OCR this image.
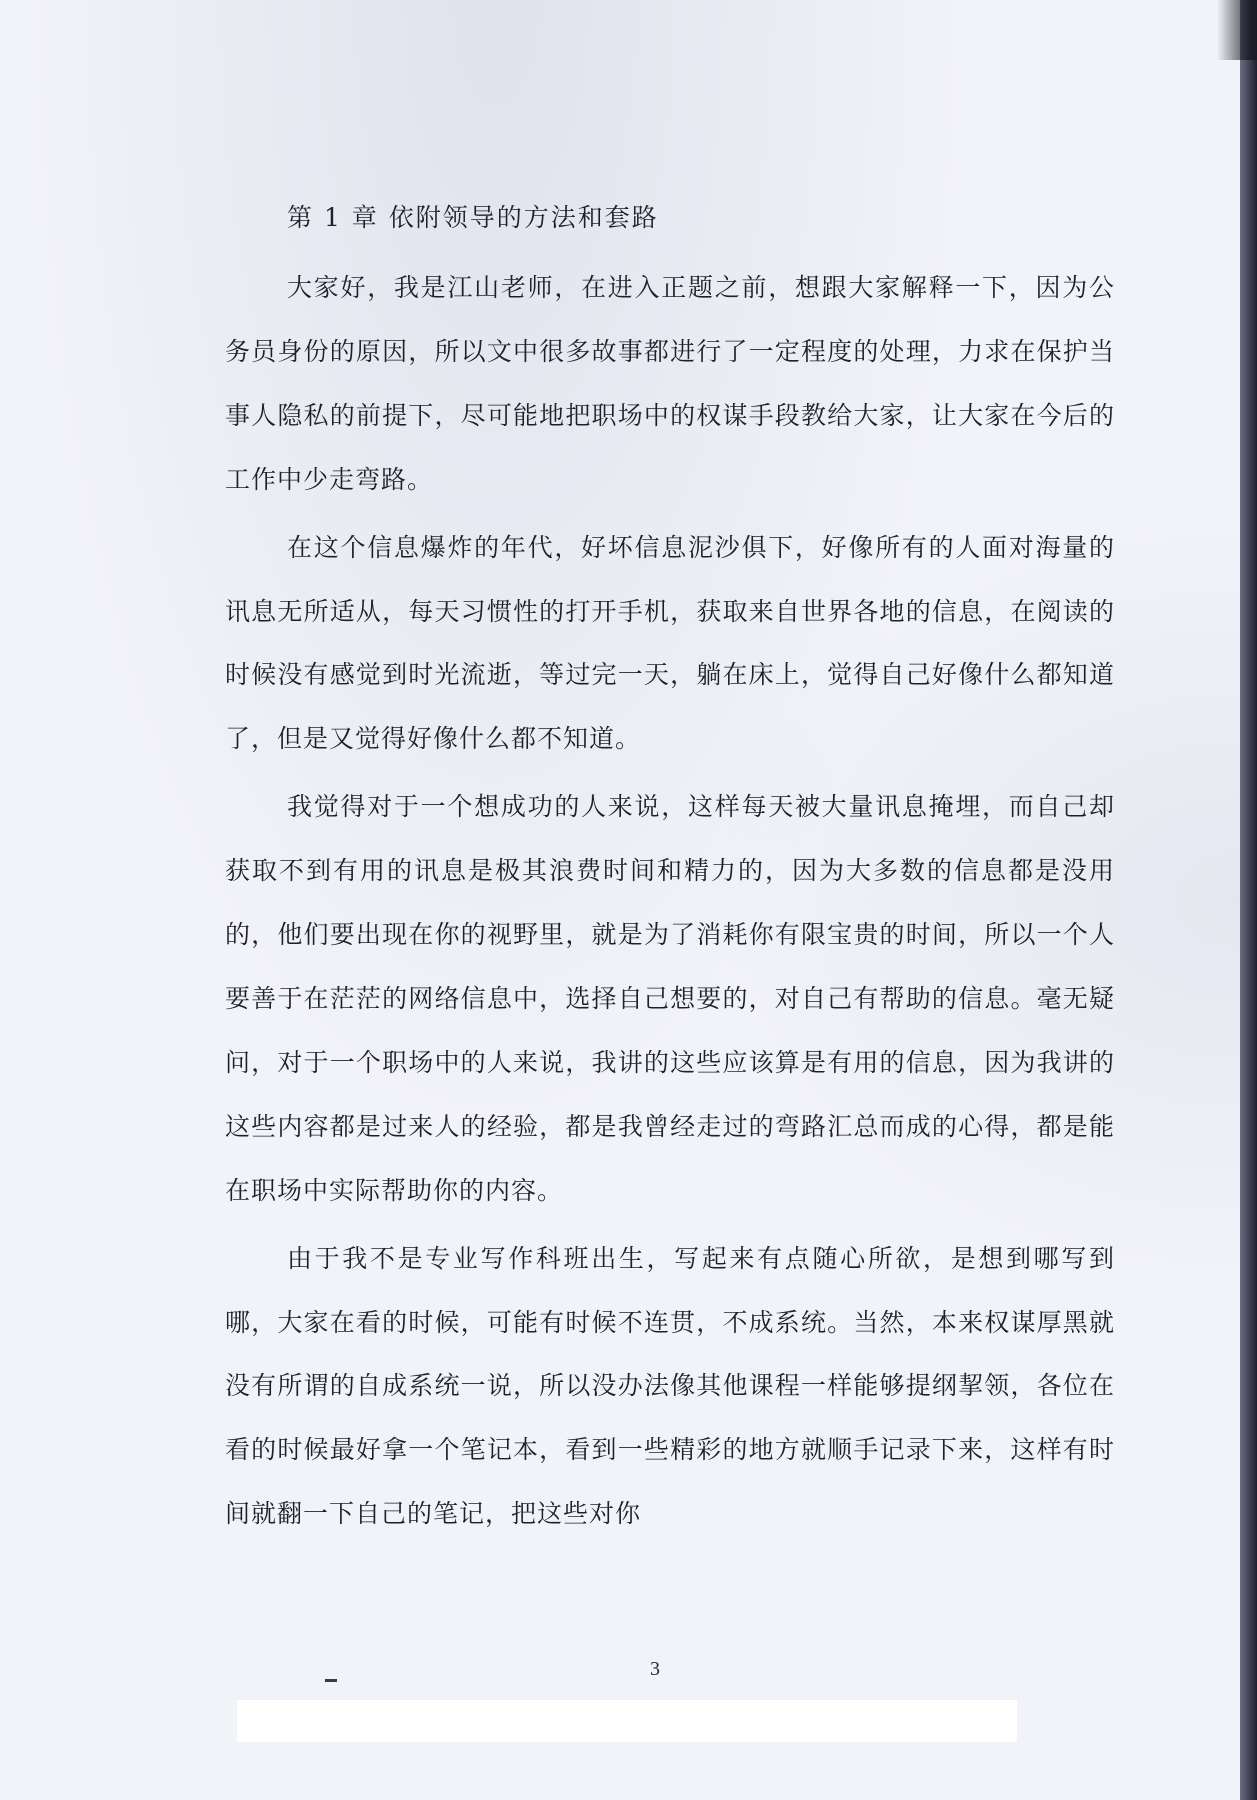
第 1 章 依附领导的方法和套路

大家好，我是江山老师，在进入正题之前，想跟大家解释一下，因为公务员身份的原因，所以文中很多故事都进行了一定程度的处理，力求在保护当事人隐私的前提下，尽可能地把职场中的权谋手段教给大家，让大家在今后的工作中少走弯路。

在这个信息爆炸的年代，好坏信息泥沙俱下，好像所有的人面对海量的讯息无所适从，每天习惯性的打开手机，获取来自世界各地的信息，在阅读的时候没有感觉到时光流逝，等过完一天，躺在床上，觉得自己好像什么都知道了，但是又觉得好像什么都不知道。

我觉得对于一个想成功的人来说，这样每天被大量讯息掩埋，而自己却获取不到有用的讯息是极其浪费时间和精力的，因为大多数的信息都是没用的，他们要出现在你的视野里，就是为了消耗你有限宝贵的时间，所以一个人要善于在茫茫的网络信息中，选择自己想要的，对自己有帮助的信息。毫无疑问，对于一个职场中的人来说，我讲的这些应该算是有用的信息，因为我讲的这些内容都是过来人的经验，都是我曾经走过的弯路汇总而成的心得，都是能在职场中实际帮助你的内容。

由于我不是专业写作科班出生，写起来有点随心所欲，是想到哪写到哪，大家在看的时候，可能有时候不连贯，不成系统。当然，本来权谋厚黑就没有所谓的自成系统一说，所以没办法像其他课程一样能够提纲挈领，各位在看的时候最好拿一个笔记本，看到一些精彩的地方就顺手记录下来，这样有时间就翻一下自己的笔记，把这些对你

3
